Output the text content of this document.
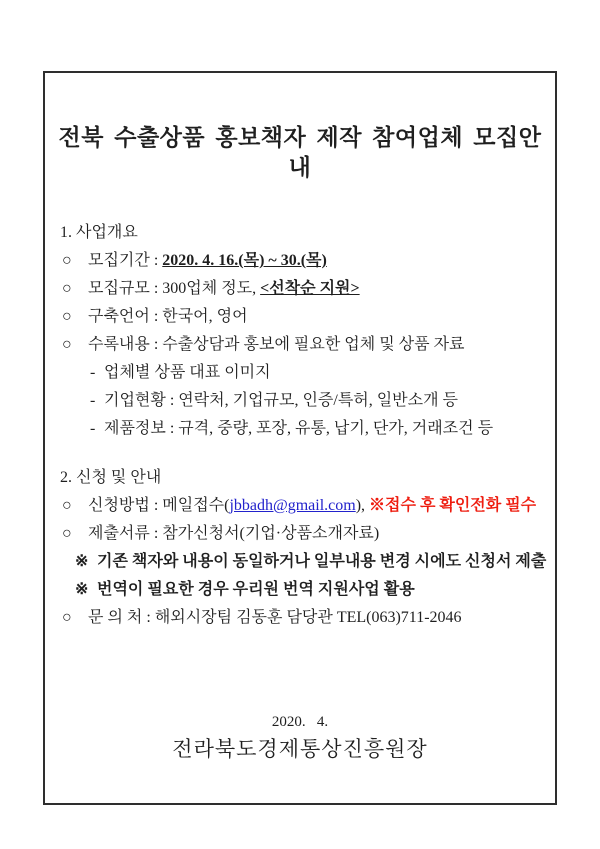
전북 수출상품 홍보책자 제작 참여업체 모집안내
1. 사업개요
○ 모집기간 : 2020. 4. 16.(목) ~ 30.(목)
○ 모집규모 : 300업체 정도, <선착순 지원>
○ 구축언어 : 한국어, 영어
○ 수록내용 : 수출상담과 홍보에 필요한 업체 및 상품 자료
- 업체별 상품 대표 이미지
- 기업현황 : 연락처, 기업규모, 인증/특허, 일반소개 등
- 제품정보 : 규격, 중량, 포장, 유통, 납기, 단가, 거래조건 등
2. 신청 및 안내
○ 신청방법 : 메일접수(jbbadh@gmail.com), ※접수 후 확인전화 필수
○ 제출서류 : 참가신청서(기업·상품소개자료)
※ 기존 책자와 내용이 동일하거나 일부내용 변경 시에도 신청서 제출
※ 번역이 필요한 경우 우리원 번역 지원사업 활용
○ 문 의 처 : 해외시장팀 김동훈 담당관 TEL(063)711-2046
2020.   4.
전라북도경제통상진흥원장
